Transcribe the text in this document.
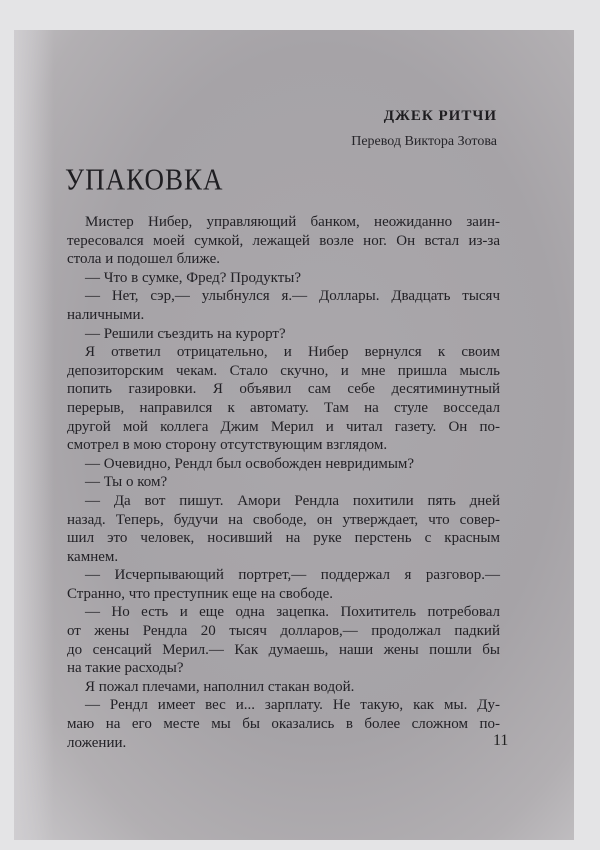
ДЖЕК РИТЧИ
Перевод Виктора Зотова
УПАКОВКА
Мистер Нибер, управляющий банком, неожиданно заин-
тересовался моей сумкой, лежащей возле ног. Он встал из-за
стола и подошел ближе.
— Что в сумке, Фред? Продукты?
— Нет, сэр,— улыбнулся я.— Доллары. Двадцать тысяч
наличными.
— Решили съездить на курорт?
Я ответил отрицательно, и Нибер вернулся к своим
депозиторским чекам. Стало скучно, и мне пришла мысль
попить газировки. Я объявил сам себе десятиминутный
перерыв, направился к автомату. Там на стуле восседал
другой мой коллега Джим Мерил и читал газету. Он по-
смотрел в мою сторону отсутствующим взглядом.
— Очевидно, Рендл был освобожден невридимым?
— Ты о ком?
— Да вот пишут. Амори Рендла похитили пять дней
назад. Теперь, будучи на свободе, он утверждает, что совер-
шил это человек, носивший на руке перстень с красным
камнем.
— Исчерпывающий портрет,— поддержал я разговор.—
Странно, что преступник еще на свободе.
— Но есть и еще одна зацепка. Похититель потребовал
от жены Рендла 20 тысяч долларов,— продолжал падкий
до сенсаций Мерил.— Как думаешь, наши жены пошли бы
на такие расходы?
Я пожал плечами, наполнил стакан водой.
— Рендл имеет вес и... зарплату. Не такую, как мы. Ду-
маю на его месте мы бы оказались в более сложном по-
ложении.	11
